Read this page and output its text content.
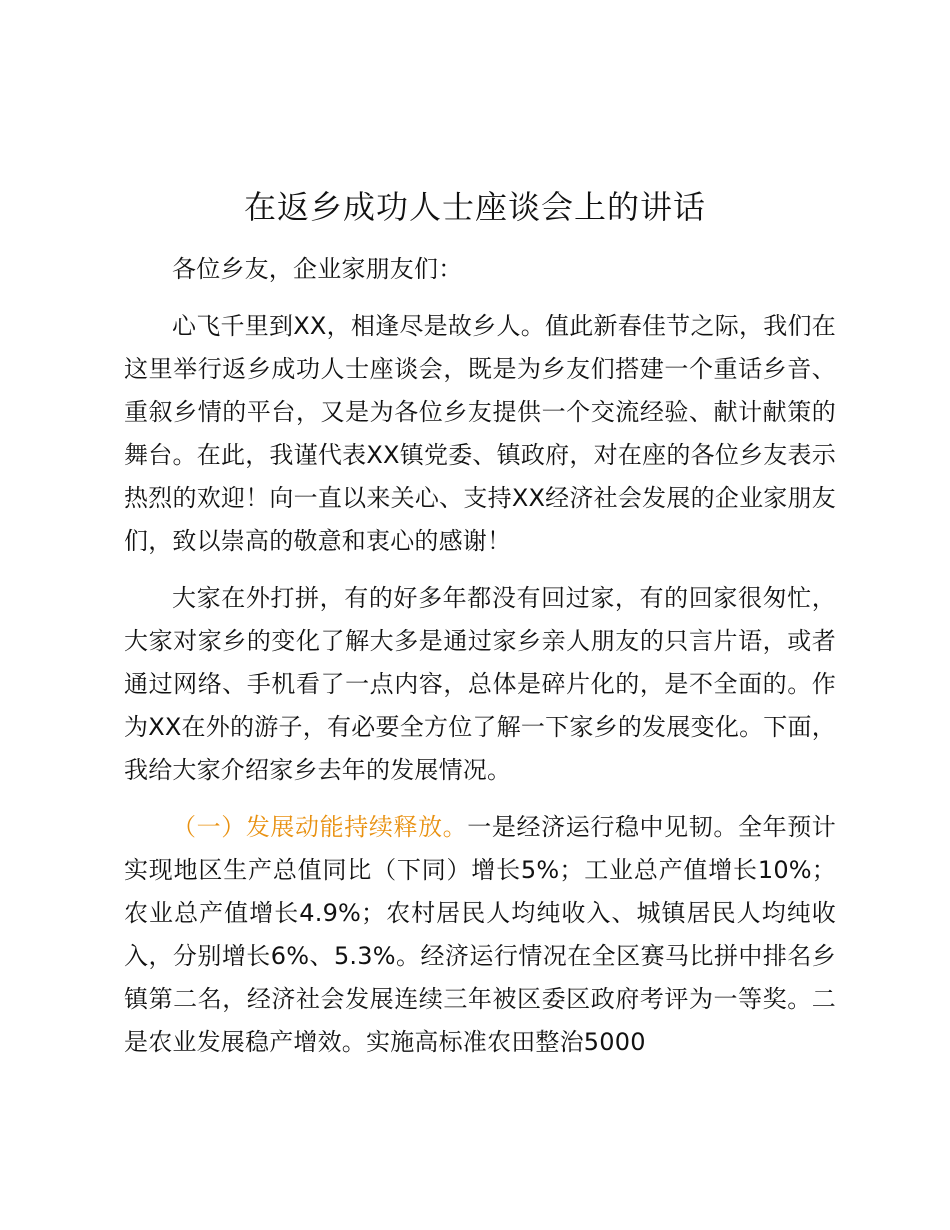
在返乡成功人士座谈会上的讲话

各位乡友，企业家朋友们：

心飞千里到XX，相逢尽是故乡人。值此新春佳节之际，我们在这里举行返乡成功人士座谈会，既是为乡友们搭建一个重话乡音、重叙乡情的平台，又是为各位乡友提供一个交流经验、献计献策的舞台。在此，我谨代表XX镇党委、镇政府，对在座的各位乡友表示热烈的欢迎！向一直以来关心、支持XX经济社会发展的企业家朋友们，致以崇高的敬意和衷心的感谢！

大家在外打拼，有的好多年都没有回过家，有的回家很匆忙，大家对家乡的变化了解大多是通过家乡亲人朋友的只言片语，或者通过网络、手机看了一点内容，总体是碎片化的，是不全面的。作为XX在外的游子，有必要全方位了解一下家乡的发展变化。下面，我给大家介绍家乡去年的发展情况。

（一）发展动能持续释放。一是经济运行稳中见韧。全年预计实现地区生产总值同比（下同）增长5%；工业总产值增长10%；农业总产值增长4.9%；农村居民人均纯收入、城镇居民人均纯收入，分别增长6%、5.3%。经济运行情况在全区赛马比拼中排名乡镇第二名，经济社会发展连续三年被区委区政府考评为一等奖。二是农业发展稳产增效。实施高标准农田整治5000
